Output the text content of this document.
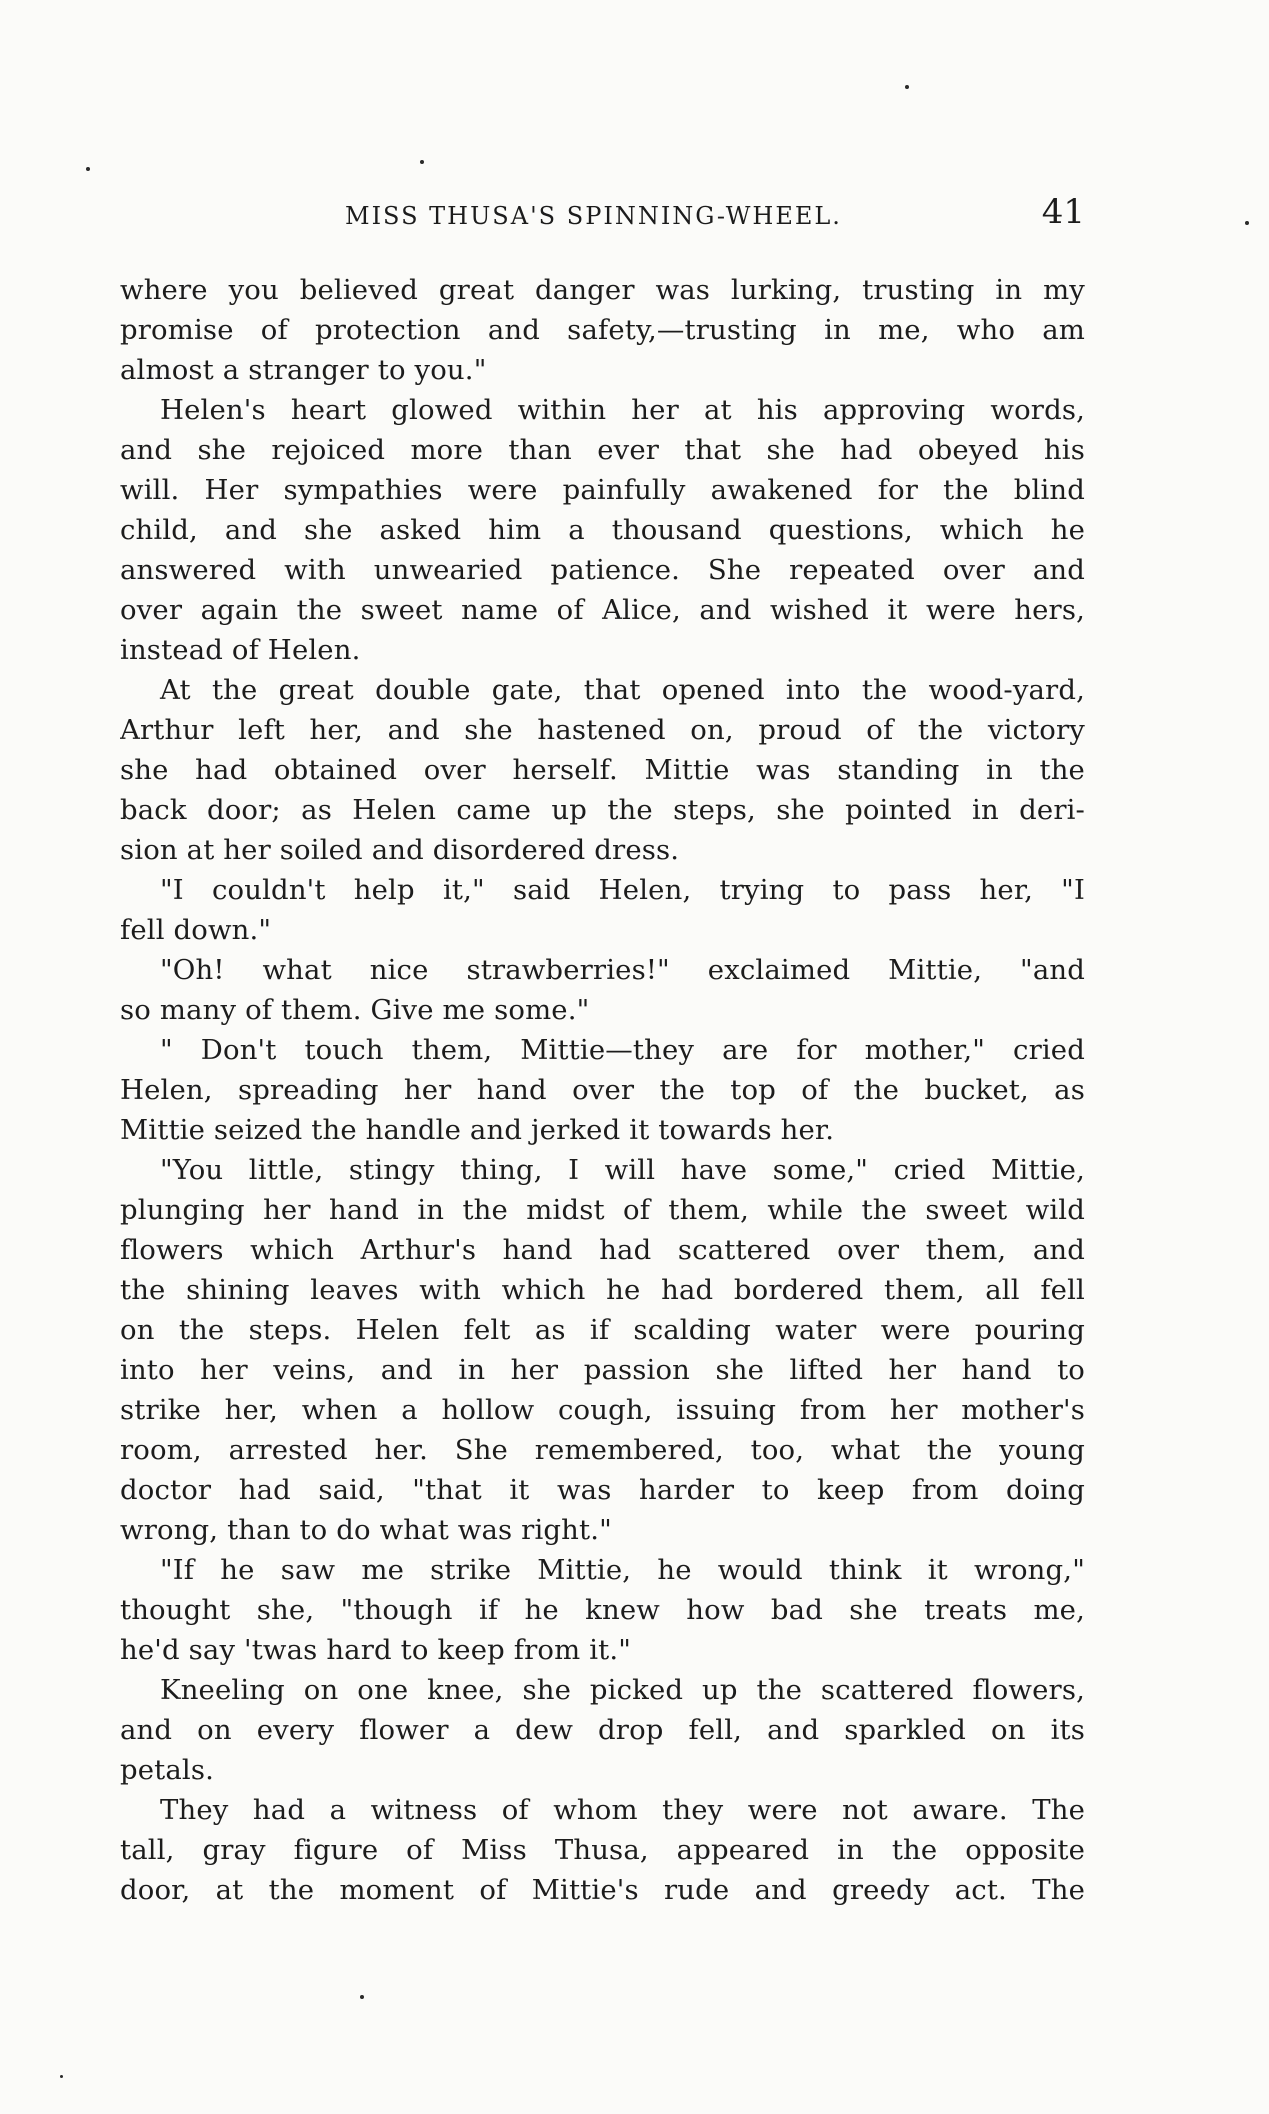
MISS THUSA'S SPINNING-WHEEL.	41
where you believed great danger was lurking, trusting in my
promise of protection and safety,—trusting in me, who am
almost a stranger to you."
Helen's heart glowed within her at his approving words,
and she rejoiced more than ever that she had obeyed his
will. Her sympathies were painfully awakened for the blind
child, and she asked him a thousand questions, which he
answered with unwearied patience. She repeated over and
over again the sweet name of Alice, and wished it were hers,
instead of Helen.
At the great double gate, that opened into the wood-yard,
Arthur left her, and she hastened on, proud of the victory
she had obtained over herself. Mittie was standing in the
back door; as Helen came up the steps, she pointed in deri-
sion at her soiled and disordered dress.
"I couldn't help it," said Helen, trying to pass her, "I
fell down."
"Oh! what nice strawberries!" exclaimed Mittie, "and
so many of them. Give me some."
" Don't touch them, Mittie—they are for mother," cried
Helen, spreading her hand over the top of the bucket, as
Mittie seized the handle and jerked it towards her.
"You little, stingy thing, I will have some," cried Mittie,
plunging her hand in the midst of them, while the sweet wild
flowers which Arthur's hand had scattered over them, and
the shining leaves with which he had bordered them, all fell
on the steps. Helen felt as if scalding water were pouring
into her veins, and in her passion she lifted her hand to
strike her, when a hollow cough, issuing from her mother's
room, arrested her. She remembered, too, what the young
doctor had said, "that it was harder to keep from doing
wrong, than to do what was right."
"If he saw me strike Mittie, he would think it wrong,"
thought she, "though if he knew how bad she treats me,
he'd say 'twas hard to keep from it."
Kneeling on one knee, she picked up the scattered flowers,
and on every flower a dew drop fell, and sparkled on its
petals.
They had a witness of whom they were not aware. The
tall, gray figure of Miss Thusa, appeared in the opposite
door, at the moment of Mittie's rude and greedy act. The
